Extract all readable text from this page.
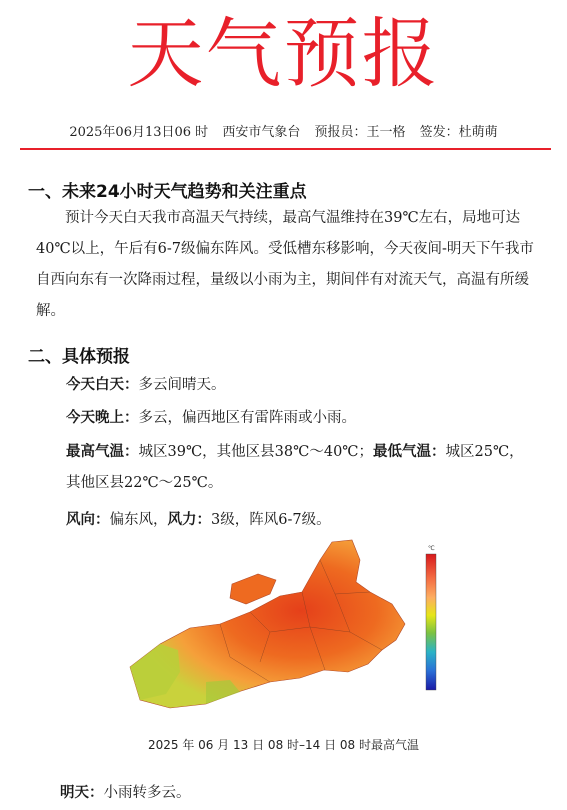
天气预报
2025年06月13日06 时 西安市气象台 预报员：王一格 签发：杜萌萌
一、未来24小时天气趋势和关注重点
预计今天白天我市高温天气持续，最高气温维持在39℃左右，局地可达40℃以上，午后有6-7级偏东阵风。受低槽东移影响，今天夜间-明天下午我市自西向东有一次降雨过程，量级以小雨为主，期间伴有对流天气，高温有所缓解。
二、具体预报
今天白天：多云间晴天。
今天晚上：多云，偏西地区有雷阵雨或小雨。
最高气温：城区39℃，其他区县38℃～40℃；最低气温：城区25℃，其他区县22℃～25℃。
风向：偏东风，风力：3级，阵风6-7级。
℃
2025 年 06 月 13 日 08 时–14 日 08 时最高气温
明天：小雨转多云。
